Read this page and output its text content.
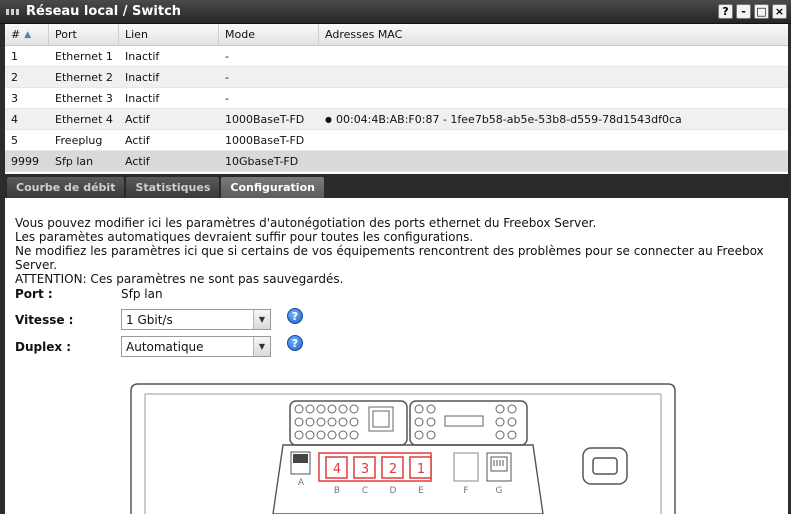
Réseau local / Switch	?	- □ ×
# ▲	Port	Lien	Mode	Adresses MAC
1	Ethernet 1	Inactif	-
2	Ethernet 2	Inactif	-
3	Ethernet 3	Inactif	-
4	Ethernet 4	Actif	1000BaseT-FD	● 00:04:4B:AB:F0:87 - 1fee7b58-ab5e-53b8-d559-78d1543df0ca
5	Freeplug	Actif	1000BaseT-FD
9999	Sfp lan	Actif	10GbaseT-FD
Courbe de débit	Statistiques	Configuration
Vous pouvez modifier ici les paramètres d'autonégotiation des ports ethernet du Freebox Server.
Les paramètes automatiques devraient suffir pour toutes les configurations.
Ne modifiez les paramètres ici que si certains de vos équipements rencontrent des problèmes pour se connecter au Freebox Server.
ATTENTION: Ces paramètres ne sont pas sauvegardés.
Port :	Sfp lan
Vitesse :	1 Gbit/s	▼	?
Duplex :	Automatique	▼	?
4 3 2 1
A
B C D E	F	G
